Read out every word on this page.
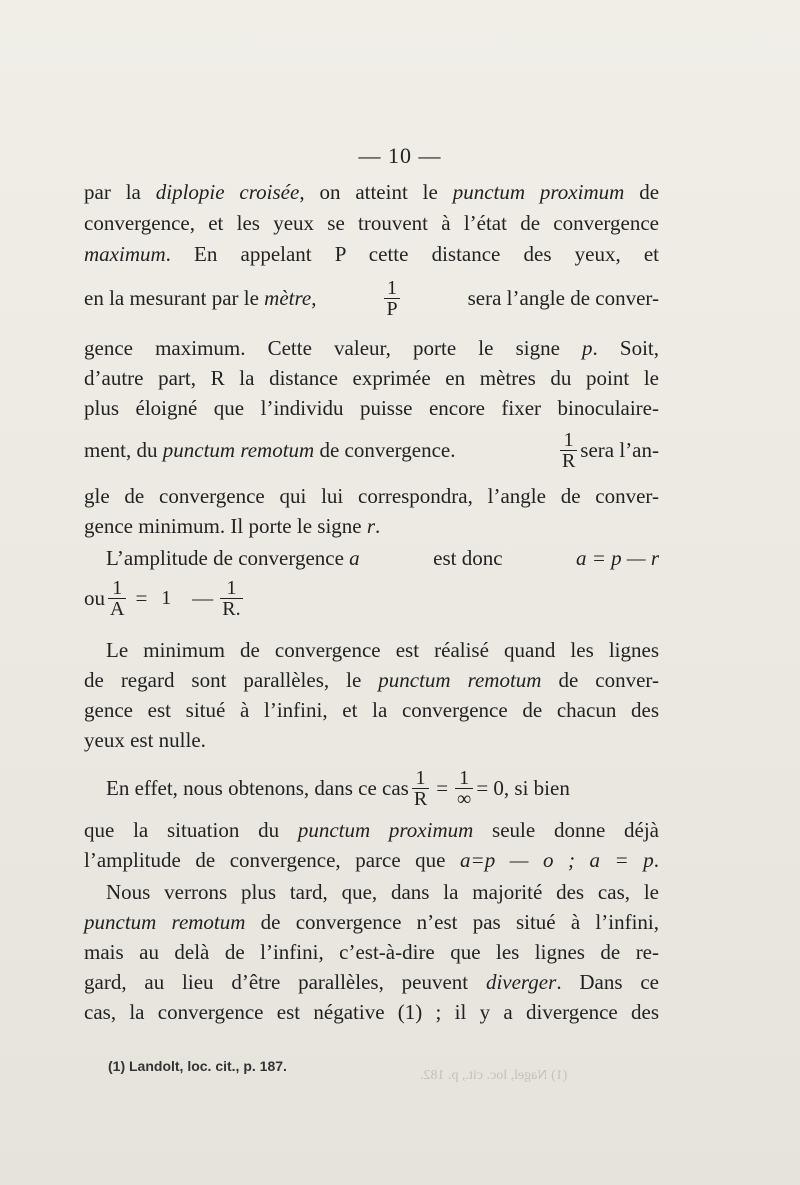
— 10 —
par la diplopie croisée, on atteint le punctum proximum de
convergence, et les yeux se trouvent à l’état de convergence
maximum. En appelant P cette distance des yeux, et
en la mesurant par le mètre,	$\frac{1}{P}$	sera l’angle de conver-
gence maximum. Cette valeur, porte le signe p. Soit,
d’autre part, R la distance exprimée en mètres du point le
plus éloigné que l’individu puisse encore fixer binoculaire-
ment, du punctum remotum de convergence.	$\frac{1}{R}$ sera l’an-
gle de convergence qui lui correspondra, l’angle de conver-
gence minimum. Il porte le signe r.
L’amplitude de convergence a	est donc	a = p — r
ou $\frac{1}{A} = 1$ — $\frac{1}{R.}$
Le minimum de convergence est réalisé quand les lignes
de regard sont parallèles, le punctum remotum de conver-
gence est situé à l’infini, et la convergence de chacun des
yeux est nulle.
En effet, nous obtenons, dans ce cas $\frac{1}{R} = \frac{1}{\infty} = 0$, si bien
que la situation du punctum proximum seule donne déjà
l’amplitude de convergence, parce que a=p — o ; a = p.
Nous verrons plus tard, que, dans la majorité des cas, le
punctum remotum de convergence n’est pas situé à l’infini,
mais au delà de l’infini, c’est-à-dire que les lignes de re-
gard, au lieu d’être parallèles, peuvent diverger. Dans ce
cas, la convergence est négative (1) ; il y a divergence des
(1) Landolt, loc. cit., p. 187.
(1) Nagel, loc. cit., p. 182.
